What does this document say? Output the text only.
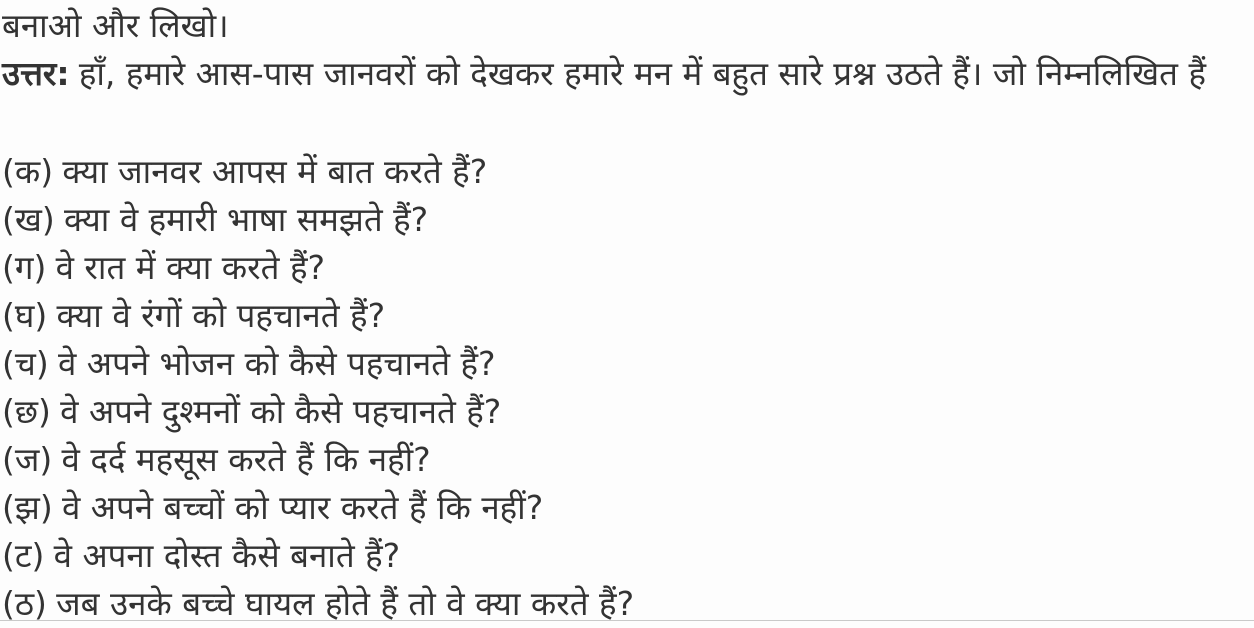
बनाओ और लिखो।
उत्तर: हाँ, हमारे आस-पास जानवरों को देखकर हमारे मन में बहुत सारे प्रश्न उठते हैं। जो निम्नलिखित हैं
(क) क्या जानवर आपस में बात करते हैं?
(ख) क्या वे हमारी भाषा समझते हैं?
(ग) वे रात में क्या करते हैं?
(घ) क्या वे रंगों को पहचानते हैं?
(च) वे अपने भोजन को कैसे पहचानते हैं?
(छ) वे अपने दुश्मनों को कैसे पहचानते हैं?
(ज) वे दर्द महसूस करते हैं कि नहीं?
(झ) वे अपने बच्चों को प्यार करते हैं कि नहीं?
(ट) वे अपना दोस्त कैसे बनाते हैं?
(ठ) जब उनके बच्चे घायल होते हैं तो वे क्या करते हैं?
